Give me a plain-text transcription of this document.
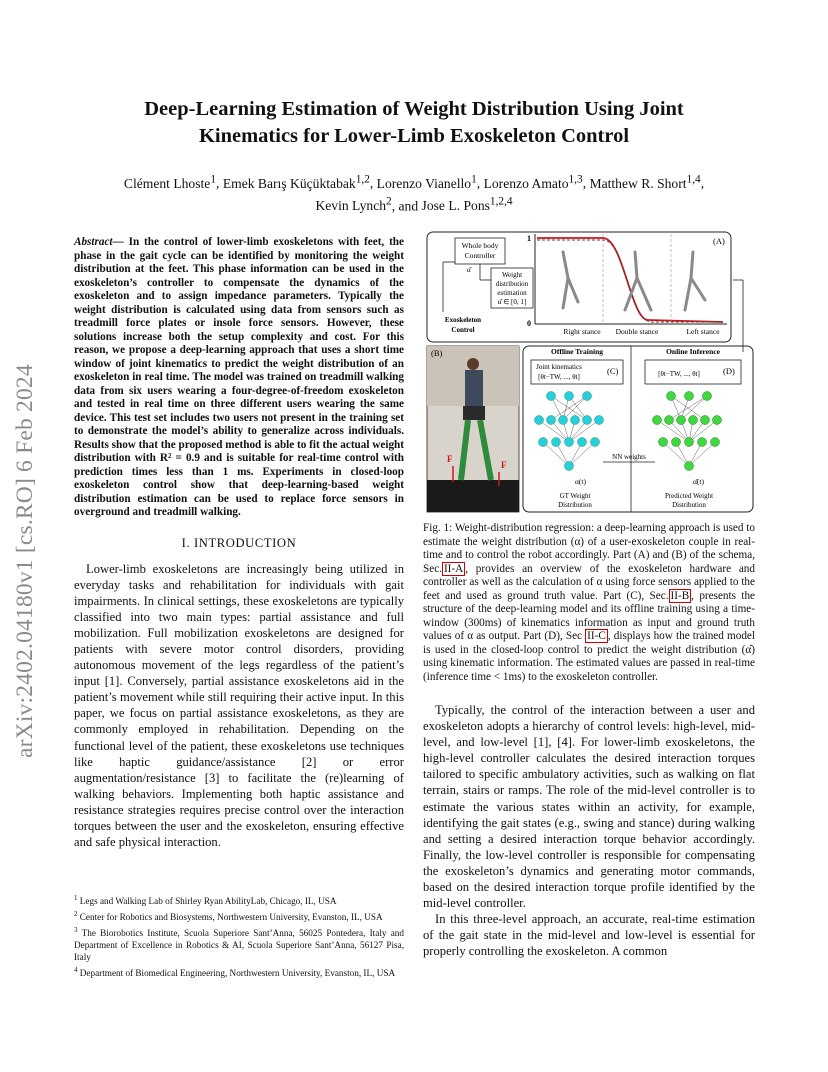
arXiv:2402.04180v1 [cs.RO] 6 Feb 2024
Deep-Learning Estimation of Weight Distribution Using Joint
Kinematics for Lower-Limb Exoskeleton Control
Clément Lhoste$^1$, Emek Barış Küçüktabak$^{1,2}$, Lorenzo Vianello$^1$, Lorenzo Amato$^{1,3}$, Matthew R. Short$^{1,4}$,
Kevin Lynch$^2$, and Jose L. Pons$^{1,2,4}$
Abstract— In the control of lower-limb exoskeletons with feet, the phase in the gait cycle can be identified by monitoring the weight distribution at the feet. This phase information can be used in the exoskeleton’s controller to compensate the dynamics of the exoskeleton and to assign impedance parameters. Typically the weight distribution is calculated using data from sensors such as treadmill force plates or insole force sensors. However, these solutions increase both the setup complexity and cost. For this reason, we propose a deep-learning approach that uses a short time window of joint kinematics to predict the weight distribution of an exoskeleton in real time. The model was trained on treadmill walking data from six users wearing a four-degree-of-freedom exoskeleton and tested in real time on three different users wearing the same device. This test set includes two users not present in the training set to demonstrate the model’s ability to generalize across individuals. Results show that the proposed method is able to fit the actual weight distribution with R² = 0.9 and is suitable for real-time control with prediction times less than 1 ms. Experiments in closed-loop exoskeleton control show that deep-learning-based weight distribution estimation can be used to replace force sensors in overground and treadmill walking.
I. INTRODUCTION

Lower-limb exoskeletons are increasingly being utilized in everyday tasks and rehabilitation for individuals with gait impairments. In clinical settings, these exoskeletons are typically classified into two main types: partial assistance and full mobilization. Full mobilization exoskeletons are designed for patients with severe motor control disorders, providing autonomous movement of the legs regardless of the patient’s input [1]. Conversely, partial assistance exoskeletons aid in the patient’s movement while still requiring their active input. In this paper, we focus on partial assistance exoskeletons, as they are commonly employed in rehabilitation. Depending on the functional level of the patient, these exoskeletons use techniques like haptic guidance/assistance [2] or error augmentation/resistance [3] to facilitate the (re)learning of walking behaviors. Implementing both haptic assistance and resistance strategies requires precise control over the interaction torques between the user and the exoskeleton, ensuring effective and safe physical interaction.

$^1$ Legs and Walking Lab of Shirley Ryan AbilityLab, Chicago, IL, USA
$^2$ Center for Robotics and Biosystems, Northwestern University, Evanston, IL, USA
$^3$ The Biorobotics Institute, Scuola Superiore Sant’Anna, 56025 Pontedera, Italy and Department of Excellence in Robotics & AI, Scuola Superiore Sant’Anna, 56127 Pisa, Italy
$^4$ Department of Biomedical Engineering, Northwestern University, Evanston, IL, USA
Whole body
Controller
α̂
Weight
distribution
estimation
α̂ ∈ [0, 1]
Exoskeleton
Control
1
0
(A)
Right stance Double stance	Left stance
(B)
F
F
Offline Training	Online Inference
Joint kinematics
[θt−TW, ..., θt]
(C)	[θt−TW, ..., θt]	(D)
NN weights
α(t)	α̂(t)
GT Weight
Distribution
Predicted Weight
Distribution
Fig. 1: Weight-distribution regression: a deep-learning approach is used to estimate the weight distribution (α) of a user-exoskeleton couple in real-time and to control the robot accordingly. Part (A) and (B) of the schema, Sec. II-A , provides an overview of the exoskeleton hardware and controller as well as the calculation of α using force sensors applied to the feet and used as ground truth value. Part (C), Sec. II-B , presents the structure of the deep-learning model and its offline training using a time-window (300ms) of kinematics information as input and ground truth values of α as output. Part (D), Sec II-C , displays how the trained model is used in the closed-loop control to predict the weight distribution (α̂) using kinematic information. The estimated values are passed in real-time (inference time < 1ms) to the exoskeleton controller.

Typically, the control of the interaction between a user and exoskeleton adopts a hierarchy of control levels: high-level, mid-level, and low-level [1], [4]. For lower-limb exoskeletons, the high-level controller calculates the desired interaction torques tailored to specific ambulatory activities, such as walking on flat terrain, stairs or ramps. The role of the mid-level controller is to estimate the various states within an activity, for example, identifying the gait states (e.g., swing and stance) during walking and setting a desired interaction torque behavior accordingly. Finally, the low-level controller is responsible for compensating the exoskeleton’s dynamics and generating motor commands, based on the desired interaction torque profile identified by the mid-level controller.

In this three-level approach, an accurate, real-time estimation of the gait state in the mid-level and low-level is essential for properly controlling the exoskeleton. A common
